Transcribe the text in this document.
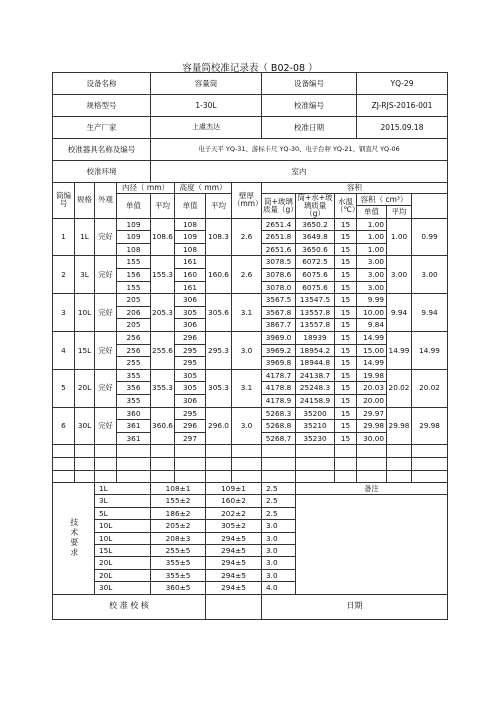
容量筒校准记录表（ B02-08 ）
设备名称				容量筒				设备编号			YQ-29			
规格型号				1-30L				校准编号			ZJ-RJS-2016-001			
生产厂家				上虞杰达				校准日期			2015.09.18			
校准器具名称及编号				电子天平 YQ-31、游标卡尺 YQ-30、电子台秤 YQ-21、钢直尺 YQ-06										
校准环境				室内										
筒编号	规格	外观	内径（ mm）		高度（ mm）		壁厚（mm）	容积	
			单值	平均	单值	平均		筒+玻璃质量（g）	筒+水+玻璃质量（g）	水温（℃）	容积（ cm³）			
											单值	平均		
1	1L	完好	109	108.6	108	108.3	2.6	2651.4	3650.2	15	1.00	1.00	0.99	
			109		109			2651.8	3649.8	15	1.00			
			108		108			2651.6	3650.6	15	1.00			
2	3L	完好	155	155.3	161	160.6	2.6	3078.5	6072.5	15	3.00	3.00	3.00	
			156		160			3078.6	6075.6	15	3.00			
			155		161			3078.0	6075.6	15	3.00			
3	10L	完好	205	205.3	306	305.6	3.1	3567.5	13547.5	15	9.99	9.94	9.94	
			206		305			3567.8	13557.8	15	10.00			
			205		306			3867.7	13557.8	15	9.84			
4	15L	完好	256	255.6	296	295.3	3.0	3969.0	18939	15	14.99	14.99	14.99	
			256		295			3969.2	18954.2	15	15.00			
			255		295			3969.8	18944.8	15	14.99			
5	20L	完好	355	355.3	305	305.3	3.1	4178.7	24138.7	15	19.98	20.02	20.02	
			356		305			4178.8	25248.3	15	20.03			
			355		306			4178.9	24158.9	15	20.00			
6	30L	完好	360	360.6	295	296.0	3.0	5268.3	35200	15	29.97	29.98	29.98	
			361		296			5268.8	35210	15	29.98			
			361		297			5268.7	35230	15	30.00			

技术要求		1L		108±1		109±1		2.5	备注					
		3L		155±2		160±2		2.5						
		5L		186±2		202±2		2.5						
		10L		205±2		305±2		3.0						
		10L		208±3		294±5		3.0						
		15L		255±5		294±5		3.0						
		20L		355±5		294±5		3.0						
		20L		355±5		294±5		3.0						
		30L		360±5		294±5		4.0						
校 准 校 核								日期						
